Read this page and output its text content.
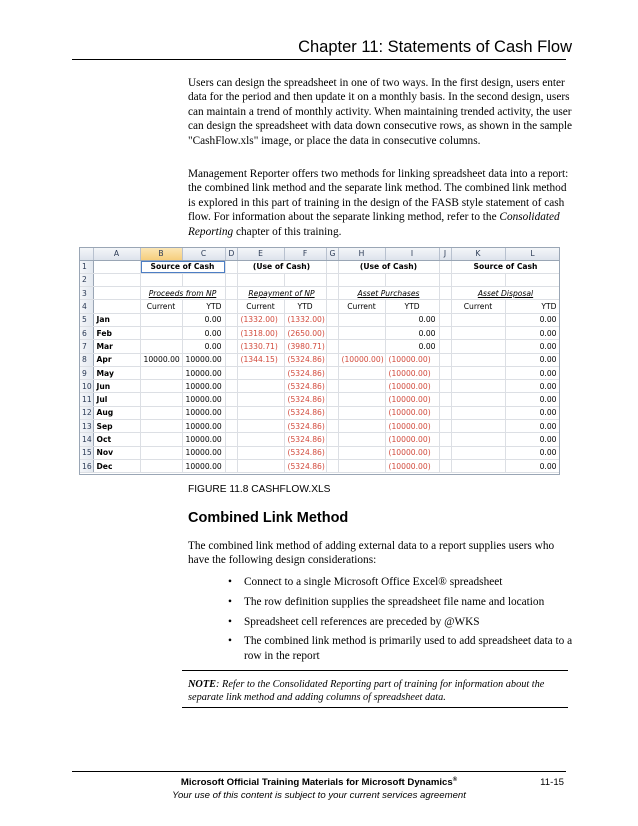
Chapter 11: Statements of Cash Flow

Users can design the spreadsheet in one of two ways. In the first design, users enter data for the period and then update it on a monthly basis. In the second design, users can maintain a trend of monthly activity. When maintaining trended activity, the user can design the spreadsheet with data down consecutive rows, as shown in the sample "CashFlow.xls" image, or place the data in consecutive columns.

Management Reporter offers two methods for linking spreadsheet data into a report: the combined link method and the separate link method. The combined link method is explored in this part of training in the design of the FASB style statement of cash flow. For information about the separate linking method, refer to the Consolidated Reporting chapter of this training.

	A	B	C	D	E	F	G	H	I	J	K	L
1		Source of Cash			(Use of Cash)			(Use of Cash)			Source of Cash	
2												
3		Proceeds from NP			Repayment of NP			Asset Purchases			Asset Disposal	
4		Current	YTD		Current	YTD		Current	YTD		Current	YTD
5	Jan		0.00		(1332.00)	(1332.00)			0.00			0.00
6	Feb		0.00		(1318.00)	(2650.00)			0.00			0.00
7	Mar		0.00		(1330.71)	(3980.71)			0.00			0.00
8	Apr	10000.00	10000.00		(1344.15)	(5324.86)		(10000.00)	(10000.00)			0.00
9	May		10000.00			(5324.86)			(10000.00)			0.00
10	Jun		10000.00			(5324.86)			(10000.00)			0.00
11	Jul		10000.00			(5324.86)			(10000.00)			0.00
12	Aug		10000.00			(5324.86)			(10000.00)			0.00
13	Sep		10000.00			(5324.86)			(10000.00)			0.00
14	Oct		10000.00			(5324.86)			(10000.00)			0.00
15	Nov		10000.00			(5324.86)			(10000.00)			0.00
16	Dec		10000.00			(5324.86)			(10000.00)			0.00
FIGURE 11.8 CASHFLOW.XLS
Combined Link Method

The combined link method of adding external data to a report supplies users who have the following design considerations:

• Connect to a single Microsoft Office Excel® spreadsheet
• The row definition supplies the spreadsheet file name and location
• Spreadsheet cell references are preceded by @WKS
• The combined link method is primarily used to add spreadsheet data to a row in the report
NOTE: Refer to the Consolidated Reporting part of training for information about the separate link method and adding columns of spreadsheet data.
Microsoft Official Training Materials for Microsoft Dynamics®
Your use of this content is subject to your current services agreement
11-15
